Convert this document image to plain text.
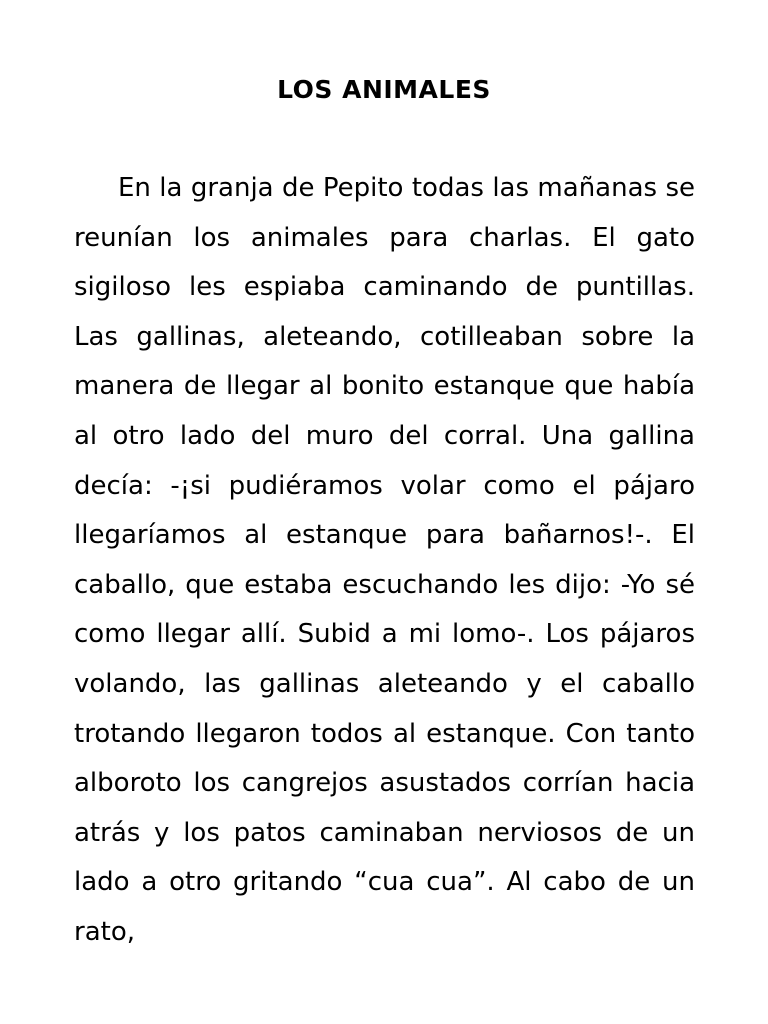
LOS ANIMALES

En la granja de Pepito todas las mañanas se reunían los animales para charlas. El gato sigiloso les espiaba caminando de puntillas. Las gallinas, aleteando, cotilleaban sobre la manera de llegar al bonito estanque que había al otro lado del muro del corral. Una gallina decía: -¡si pudiéramos volar como el pájaro llegaríamos al estanque para bañarnos!-. El caballo, que estaba escuchando les dijo: -Yo sé como llegar allí. Subid a mi lomo-. Los pájaros volando, las gallinas aleteando y el caballo trotando llegaron todos al estanque. Con tanto alboroto los cangrejos asustados corrían hacia atrás y los patos caminaban nerviosos de un lado a otro gritando “cua cua”. Al cabo de un rato,
